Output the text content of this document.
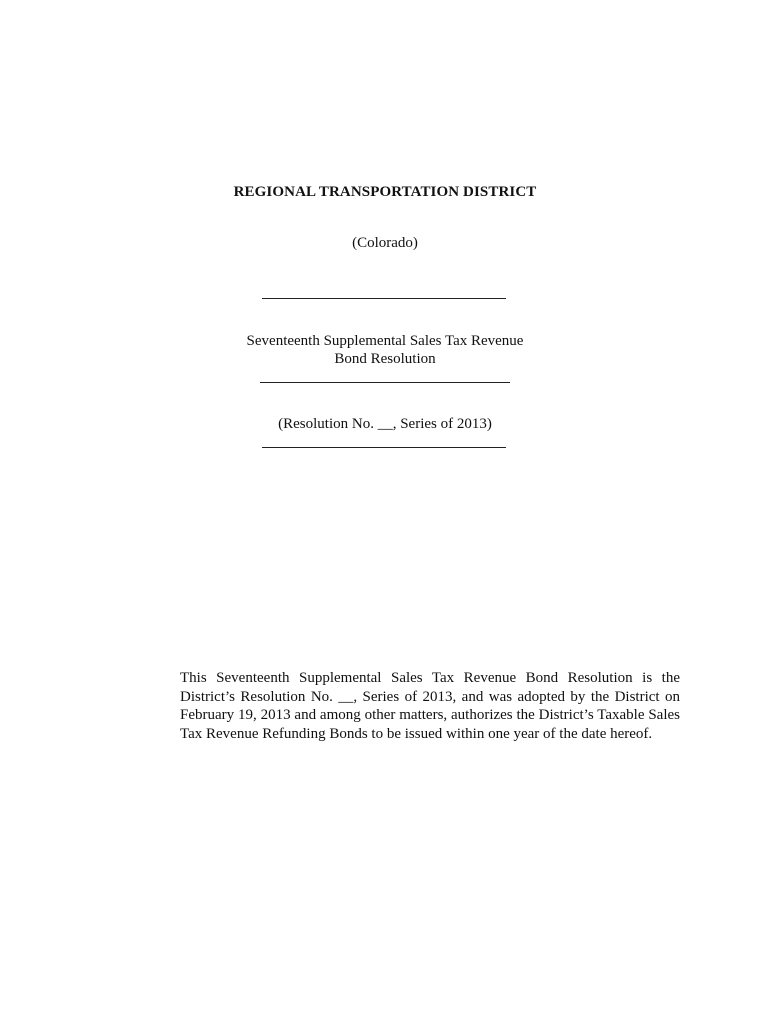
REGIONAL TRANSPORTATION DISTRICT
(Colorado)
Seventeenth Supplemental Sales Tax Revenue
Bond Resolution
(Resolution No. __, Series of 2013)

This Seventeenth Supplemental Sales Tax Revenue Bond Resolution is the District’s Resolution No. __, Series of 2013, and was adopted by the District on February 19, 2013 and among other matters, authorizes the District’s Taxable Sales Tax Revenue Refunding Bonds to be issued within one year of the date hereof.
